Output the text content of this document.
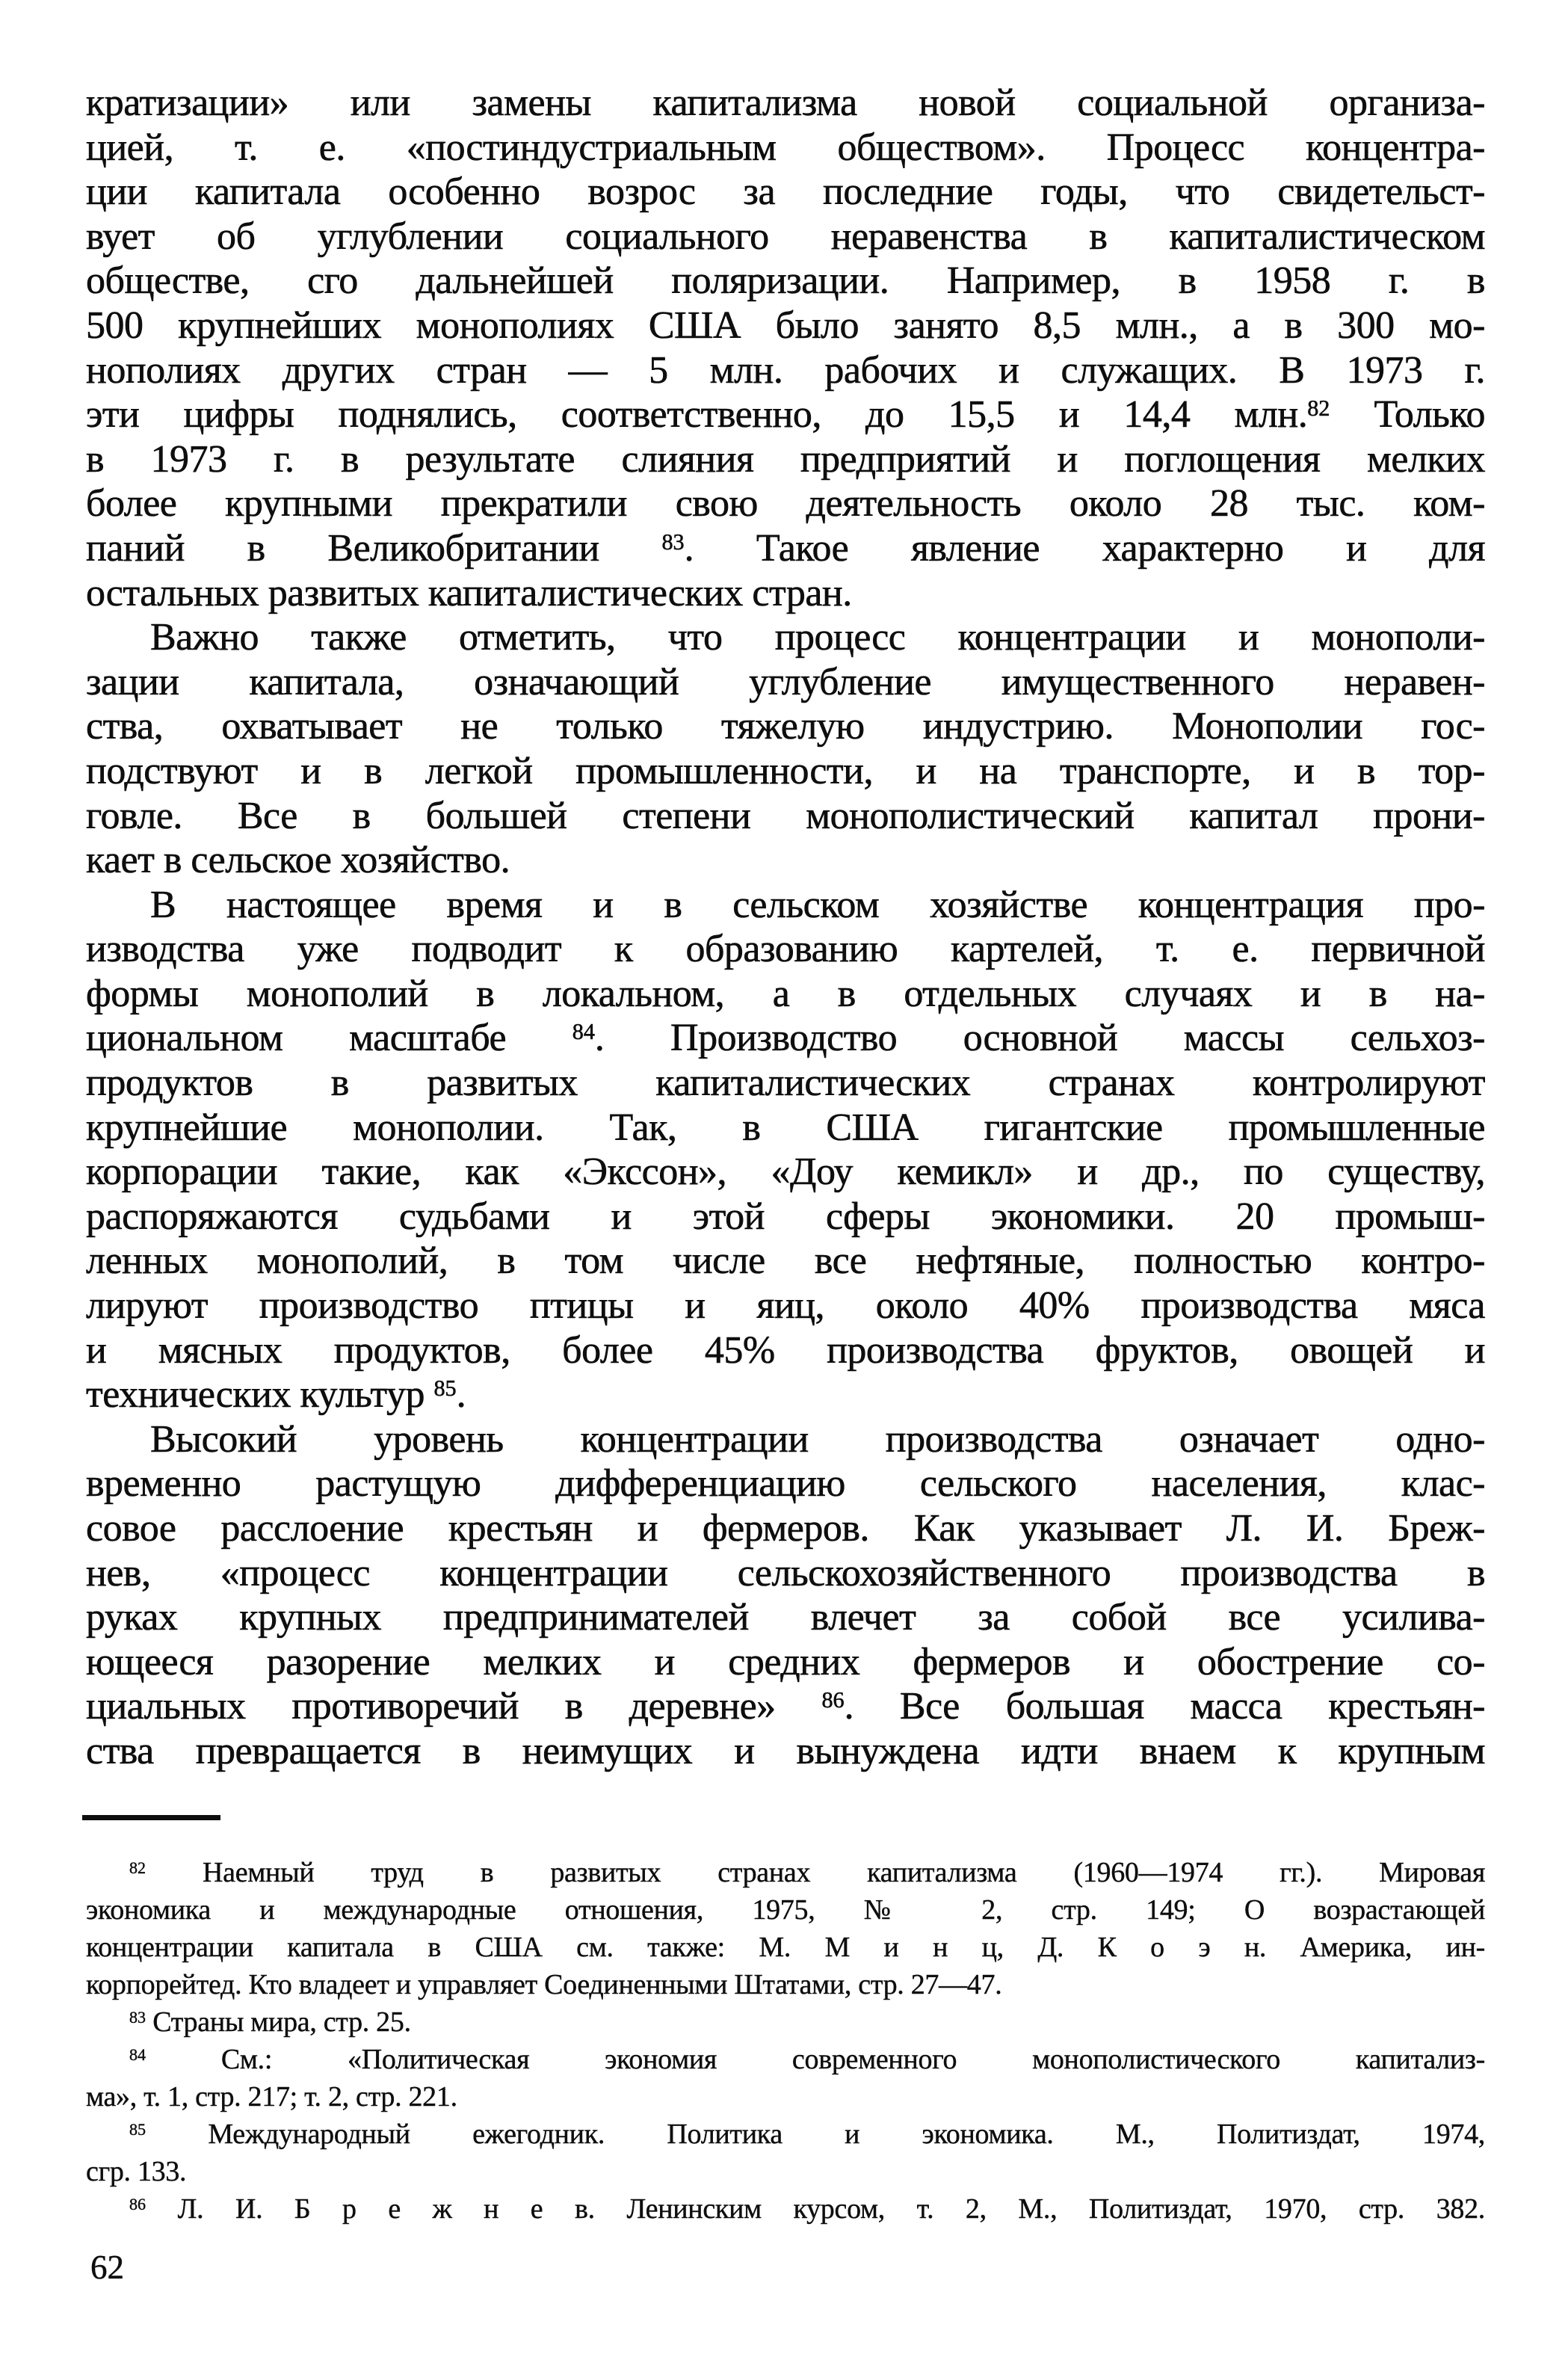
кратизации» или замены капитализма новой социальной организа-
цией, т. е. «постиндустриальным обществом». Процесс концентра-
ции капитала особенно возрос за последние годы, что свидетельст-
вует об углублении социального неравенства в капиталистическом
обществе, сго дальнейшей поляризации. Например, в 1958 г. в
500 крупнейших монополиях США было занято 8,5 млн., а в 300 мо-
нополиях других стран — 5 млн. рабочих и служащих. В 1973 г.
эти цифры поднялись, соответственно, до 15,5 и 14,4 млн.$^{82}$ Только
в 1973 г. в результате слияния предприятий и поглощения мелких
более крупными прекратили свою деятельность около 28 тыс. ком-
паний в Великобритании $^{83}$. Такое явление характерно и для
остальных развитых капиталистических стран.
Важно также отметить, что процесс концентрации и монополи-
зации капитала, означающий углубление имущественного неравен-
ства, охватывает не только тяжелую индустрию. Монополии гос-
подствуют и в легкой промышленности, и на транспорте, и в тор-
говле. Все в большей степени монополистический капитал прони-
кает в сельское хозяйство.
В настоящее время и в сельском хозяйстве концентрация про-
изводства уже подводит к образованию картелей, т. е. первичной
формы монополий в локальном, а в отдельных случаях и в на-
циональном масштабе $^{84}$. Производство основной массы сельхоз-
продуктов в развитых капиталистических странах контролируют
крупнейшие монополии. Так, в США гигантские промышленные
корпорации такие, как «Экссон», «Доу кемикл» и др., по существу,
распоряжаются судьбами и этой сферы экономики. 20 промыш-
ленных монополий, в том числе все нефтяные, полностью контро-
лируют производство птицы и яиц, около 40% производства мяса
и мясных продуктов, более 45% производства фруктов, овощей и
технических культур $^{85}$.
Высокий уровень концентрации производства означает одно-
временно растущую дифференциацию сельского населения, клас-
совое расслоение крестьян и фермеров. Как указывает Л. И. Бреж-
нев, «процесс концентрации сельскохозяйственного производства в
руках крупных предпринимателей влечет за собой все усилива-
ющееся разорение мелких и средних фермеров и обострение со-
циальных противоречий в деревне» $^{86}$. Все большая масса крестьян-
ства превращается в неимущих и вынуждена идти внаем к крупным
$^{82}$ Наемный труд в развитых странах капитализма (1960—1974 гг.). Мировая
экономика и международные отношения, 1975, № 2, стр. 149; О возрастающей
концентрации капитала в США см. также: М. М и н ц, Д. К о э н. Америка, ин-
корпорейтед. Кто владеет и управляет Соединенными Штатами, стр. 27—47.
$^{83}$ Страны мира, стр. 25.
$^{84}$ См.: «Политическая экономия современного монополистического капитализ-
ма», т. 1, стр. 217; т. 2, стр. 221.
$^{85}$ Международный ежегодник. Политика и экономика. М., Политиздат, 1974,
сгр. 133.
$^{86}$ Л. И. Б р е ж н е в. Ленинским курсом, т. 2, М., Политиздат, 1970, стр. 382.
62
